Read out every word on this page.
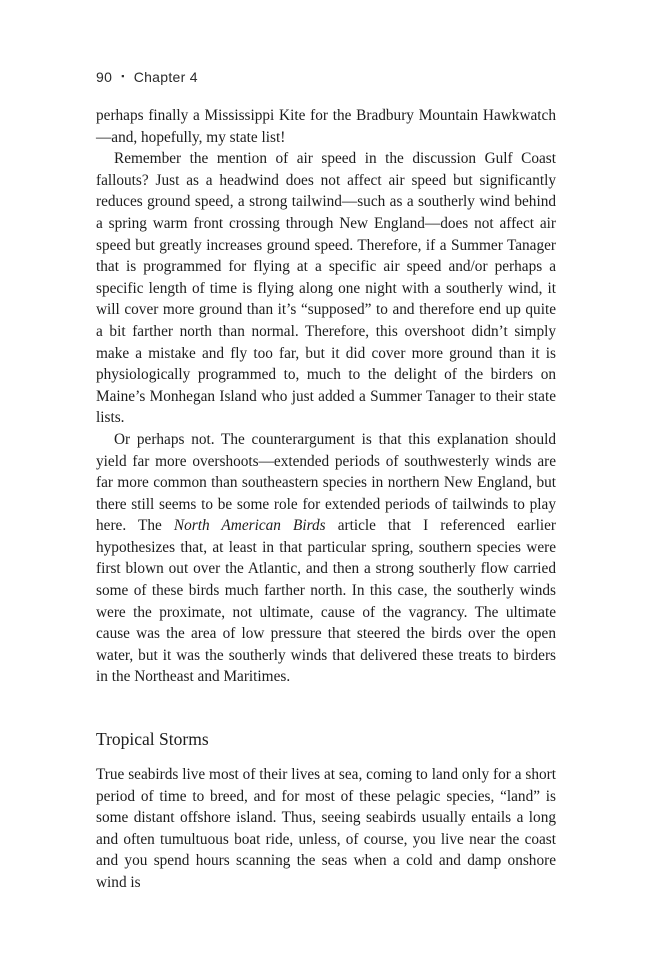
90 ▪ Chapter 4

perhaps finally a Mississippi Kite for the Bradbury Mountain Hawkwatch—and, hopefully, my state list!

Remember the mention of air speed in the discussion Gulf Coast fallouts? Just as a headwind does not affect air speed but significantly reduces ground speed, a strong tailwind—such as a southerly wind behind a spring warm front crossing through New England—does not affect air speed but greatly increases ground speed. Therefore, if a Summer Tanager that is programmed for flying at a specific air speed and/or perhaps a specific length of time is flying along one night with a southerly wind, it will cover more ground than it’s “supposed” to and therefore end up quite a bit farther north than normal. Therefore, this overshoot didn’t simply make a mistake and fly too far, but it did cover more ground than it is physiologically programmed to, much to the delight of the birders on Maine’s Monhegan Island who just added a Summer Tanager to their state lists.

Or perhaps not. The counterargument is that this explanation should yield far more overshoots—extended periods of southwesterly winds are far more common than southeastern species in northern New England, but there still seems to be some role for extended periods of tailwinds to play here. The North American Birds article that I referenced earlier hypothesizes that, at least in that particular spring, southern species were first blown out over the Atlantic, and then a strong southerly flow carried some of these birds much farther north. In this case, the southerly winds were the proximate, not ultimate, cause of the vagrancy. The ultimate cause was the area of low pressure that steered the birds over the open water, but it was the southerly winds that delivered these treats to birders in the Northeast and Maritimes.

Tropical Storms

True seabirds live most of their lives at sea, coming to land only for a short period of time to breed, and for most of these pelagic species, “land” is some distant offshore island. Thus, seeing seabirds usually entails a long and often tumultuous boat ride, unless, of course, you live near the coast and you spend hours scanning the seas when a cold and damp onshore wind is
